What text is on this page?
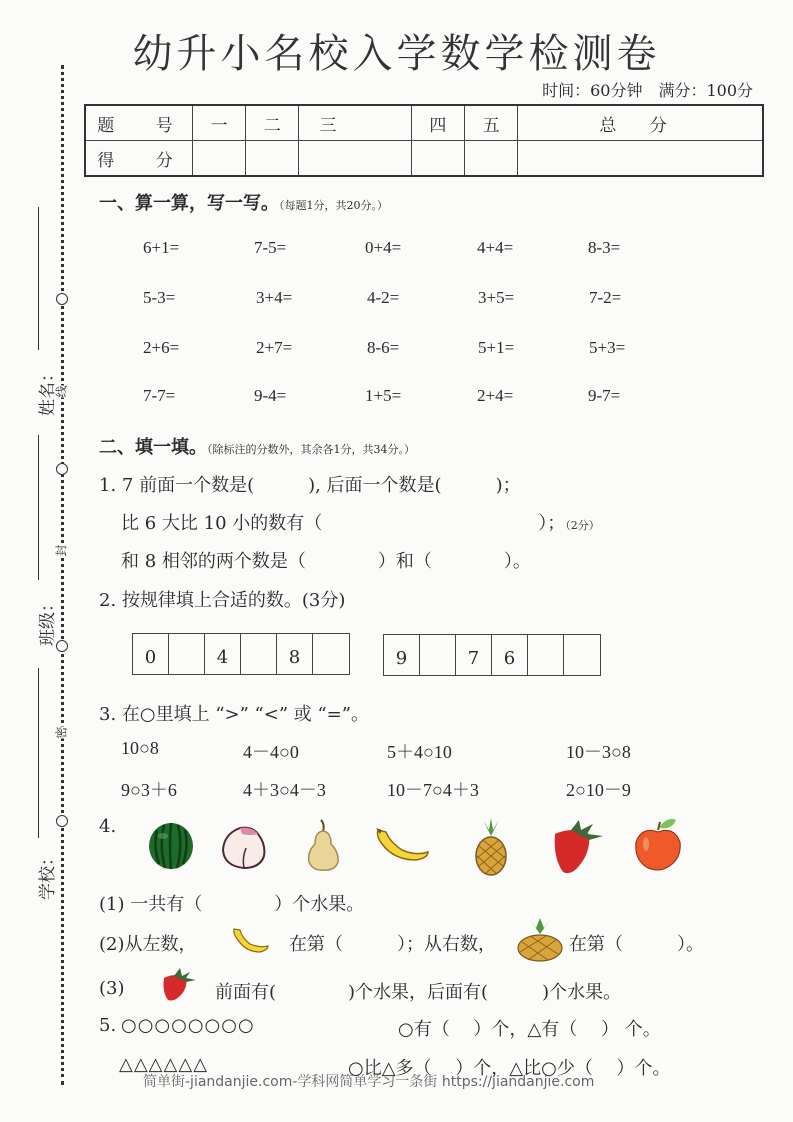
幼升小名校入学数学检测卷
时间：60分钟　满分：100分
题 号	一	二	三	四	五	总 分
得 分						
线
封
密
姓名：
班级：
学校：
一、算一算，写一写。（每题1分，共20分。）
6+1=	7-5=	0+4=	4+4=	8-3=
5-3=	3+4=	4-2=	3+5=	7-2=
2+6=	2+7=	8-6=	5+1=	5+3=
7-7=	9-4=	1+5=	2+4=	9-7=
二、填一填。（除标注的分数外，其余各1分，共34分。）
1. 7 前面一个数是(　　　), 后面一个数是(　　　)；
比 6 大比 10 小的数有（　　　　　　　　　　　　）；（2分）
和 8 相邻的两个数是（　　　　）和（　　　　）。
2. 按规律填上合适的数。(3分)
0	4	8	9	7	6
3. 在○里填上 “>” “<” 或 “=”。
10○8	4－4○0	5＋4○10	10－3○8
9○3＋6	4＋3○4－3	10－7○4＋3	2○10－9
4.
(1) 一共有（　　　　）个水果。
(2)从左数，	在第（　　　）；从右数，	在第（　　　）。
(3)	前面有(　　　　)个水果，后面有(　　　)个水果。
5. ○○○○○○○○	○有（　 ）个，△有（　 ） 个。
△△△△△△	○比△多（　 ）个，△比○少（　 ）个。
简单街-jiandanjie.com-学科网简单学习一条街 https://jiandanjie.com
